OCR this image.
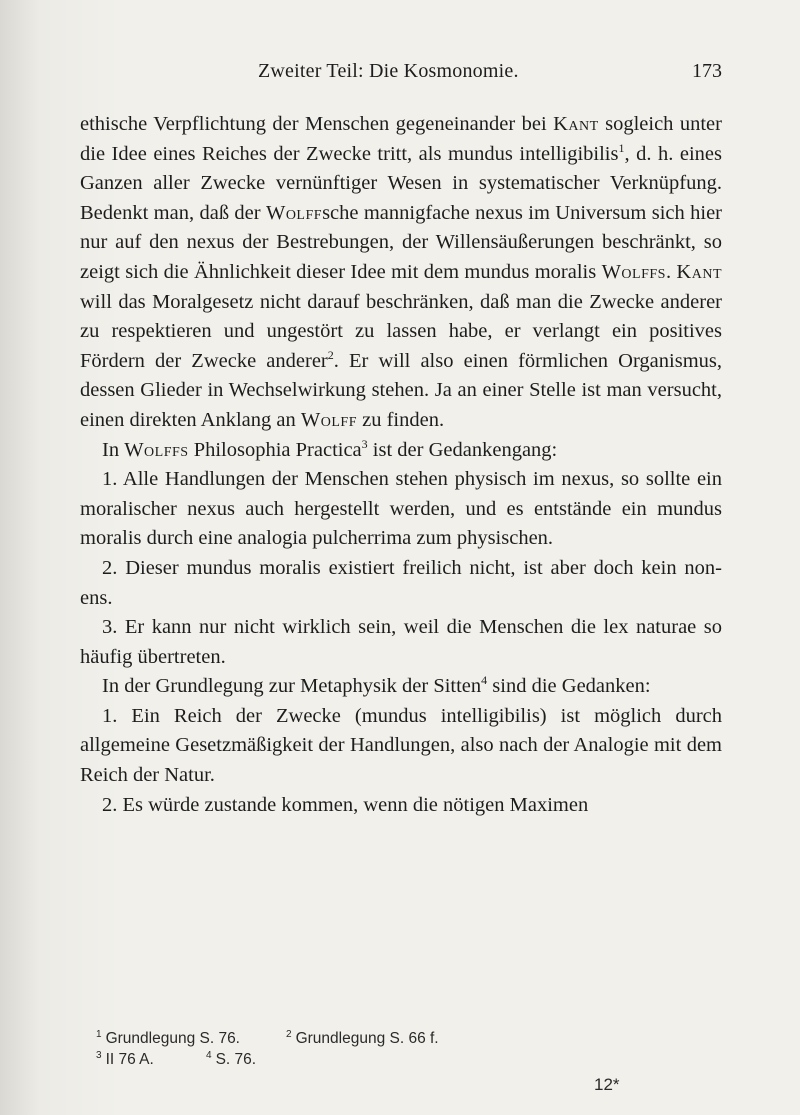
Zweiter Teil: Die Kosmonomie.	173

ethische Verpflichtung der Menschen gegeneinander bei Kant sogleich unter die Idee eines Reiches der Zwecke tritt, als mundus intelligibilis$^1$, d. h. eines Ganzen aller Zwecke vernünftiger Wesen in systematischer Verknüpfung. Bedenkt man, daß der Wolffsche mannigfache nexus im Universum sich hier nur auf den nexus der Bestrebungen, der Willensäußerungen beschränkt, so zeigt sich die Ähnlichkeit dieser Idee mit dem mundus moralis Wolffs. Kant will das Moralgesetz nicht darauf beschränken, daß man die Zwecke anderer zu respektieren und ungestört zu lassen habe, er verlangt ein positives Fördern der Zwecke anderer$^2$. Er will also einen förmlichen Organismus, dessen Glieder in Wechselwirkung stehen. Ja an einer Stelle ist man versucht, einen direkten Anklang an Wolff zu finden.

In Wolffs Philosophia Practica$^3$ ist der Gedankengang:

1. Alle Handlungen der Menschen stehen physisch im nexus, so sollte ein moralischer nexus auch hergestellt werden, und es entstände ein mundus moralis durch eine analogia pulcherrima zum physischen.

2. Dieser mundus moralis existiert freilich nicht, ist aber doch kein non-ens.

3. Er kann nur nicht wirklich sein, weil die Menschen die lex naturae so häufig übertreten.

In der Grundlegung zur Metaphysik der Sitten$^4$ sind die Gedanken:

1. Ein Reich der Zwecke (mundus intelligibilis) ist möglich durch allgemeine Gesetzmäßigkeit der Handlungen, also nach der Analogie mit dem Reich der Natur.

2. Es würde zustande kommen, wenn die nötigen Maximen

$^1$ Grundlegung S. 76.	$^2$ Grundlegung S. 66 f.
$^3$ II 76 A.	$^4$ S. 76.
12*
